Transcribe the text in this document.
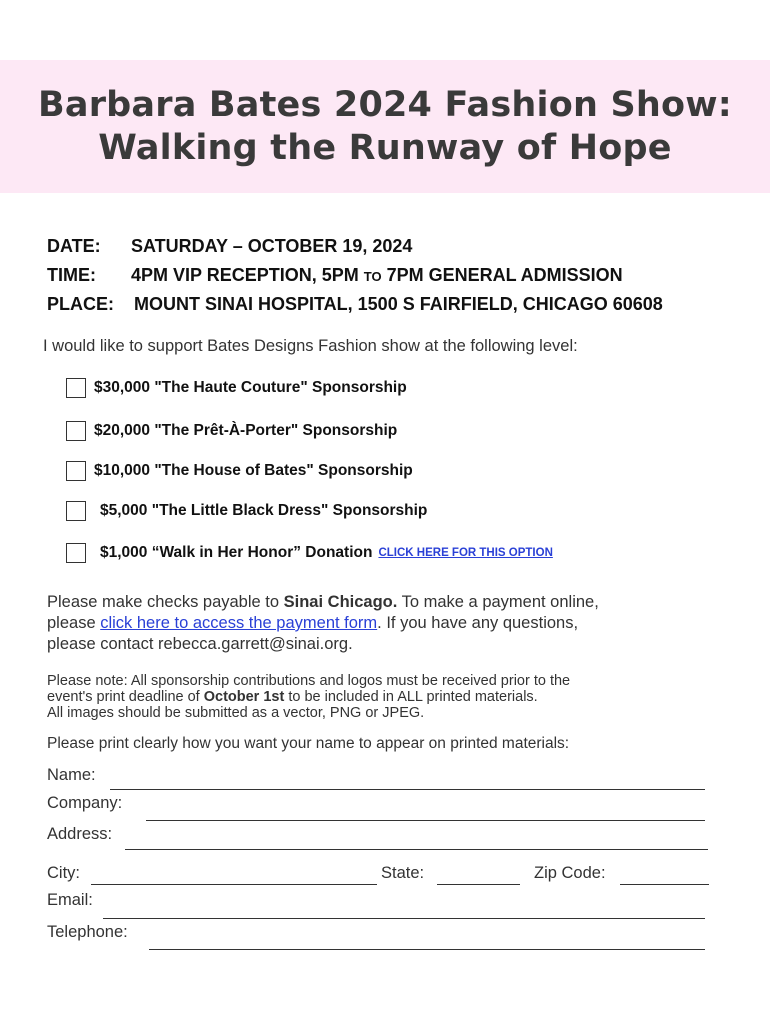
Barbara Bates 2024 Fashion Show:
Walking the Runway of Hope
DATE: SATURDAY – OCTOBER 19, 2024
TIME: 4PM VIP RECEPTION, 5PM TO 7PM GENERAL ADMISSION
PLACE: MOUNT SINAI HOSPITAL, 1500 S FAIRFIELD, CHICAGO 60608
I would like to support Bates Designs Fashion show at the following level:
$30,000 "The Haute Couture" Sponsorship
$20,000 "The Prêt-À-Porter" Sponsorship
$10,000 "The House of Bates" Sponsorship
$5,000 "The Little Black Dress" Sponsorship
$1,000 “Walk in Her Honor” Donation CLICK HERE FOR THIS OPTION
Please make checks payable to Sinai Chicago. To make a payment online,
please click here to access the payment form. If you have any questions,
please contact rebecca.garrett@sinai.org.
Please note: All sponsorship contributions and logos must be received prior to the
event's print deadline of October 1st to be included in ALL printed materials.
All images should be submitted as a vector, PNG or JPEG.
Please print clearly how you want your name to appear on printed materials:
Name:
Company:
Address:
City:	State:	Zip Code:
Email:
Telephone:
